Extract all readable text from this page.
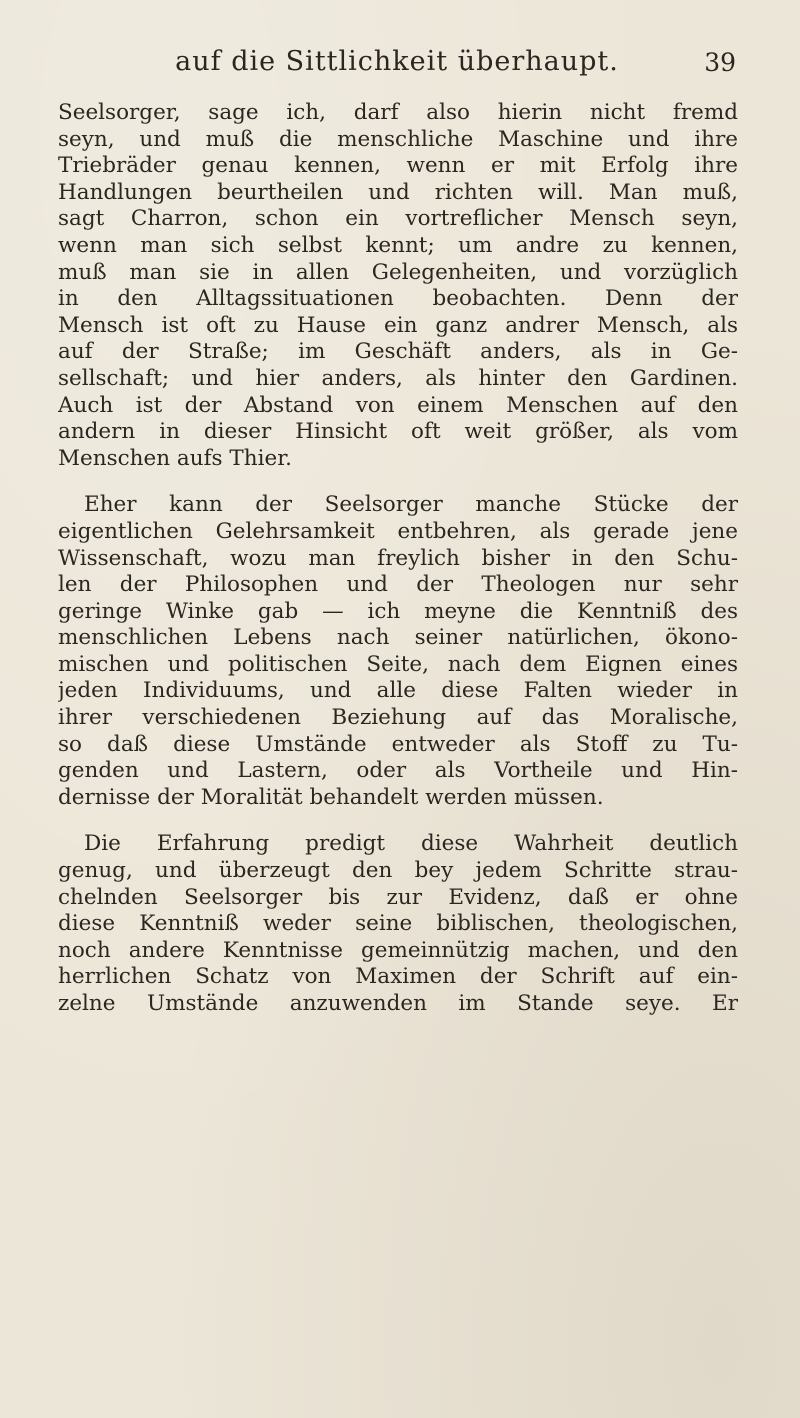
auf die Sittlichkeit überhaupt.	39
Seelsorger, sage ich, darf also hierin nicht fremd
seyn, und muß die menschliche Maschine und ihre
Triebräder genau kennen, wenn er mit Erfolg ihre
Handlungen beurtheilen und richten will. Man muß,
sagt Charron, schon ein vortreflicher Mensch seyn,
wenn man sich selbst kennt; um andre zu kennen,
muß man sie in allen Gelegenheiten, und vorzüglich
in den Alltagssituationen beobachten. Denn der
Mensch ist oft zu Hause ein ganz andrer Mensch, als
auf der Straße; im Geschäft anders, als in Ge-
sellschaft; und hier anders, als hinter den Gardinen.
Auch ist der Abstand von einem Menschen auf den
andern in dieser Hinsicht oft weit größer, als vom
Menschen aufs Thier.
Eher kann der Seelsorger manche Stücke der
eigentlichen Gelehrsamkeit entbehren, als gerade jene
Wissenschaft, wozu man freylich bisher in den Schu-
len der Philosophen und der Theologen nur sehr
geringe Winke gab — ich meyne die Kenntniß des
menschlichen Lebens nach seiner natürlichen, ökono-
mischen und politischen Seite, nach dem Eignen eines
jeden Individuums, und alle diese Falten wieder in
ihrer verschiedenen Beziehung auf das Moralische,
so daß diese Umstände entweder als Stoff zu Tu-
genden und Lastern, oder als Vortheile und Hin-
dernisse der Moralität behandelt werden müssen.
Die Erfahrung predigt diese Wahrheit deutlich
genug, und überzeugt den bey jedem Schritte strau-
chelnden Seelsorger bis zur Evidenz, daß er ohne
diese Kenntniß weder seine biblischen, theologischen,
noch andere Kenntnisse gemeinnützig machen, und den
herrlichen Schatz von Maximen der Schrift auf ein-
zelne Umstände anzuwenden im Stande seye. Er
